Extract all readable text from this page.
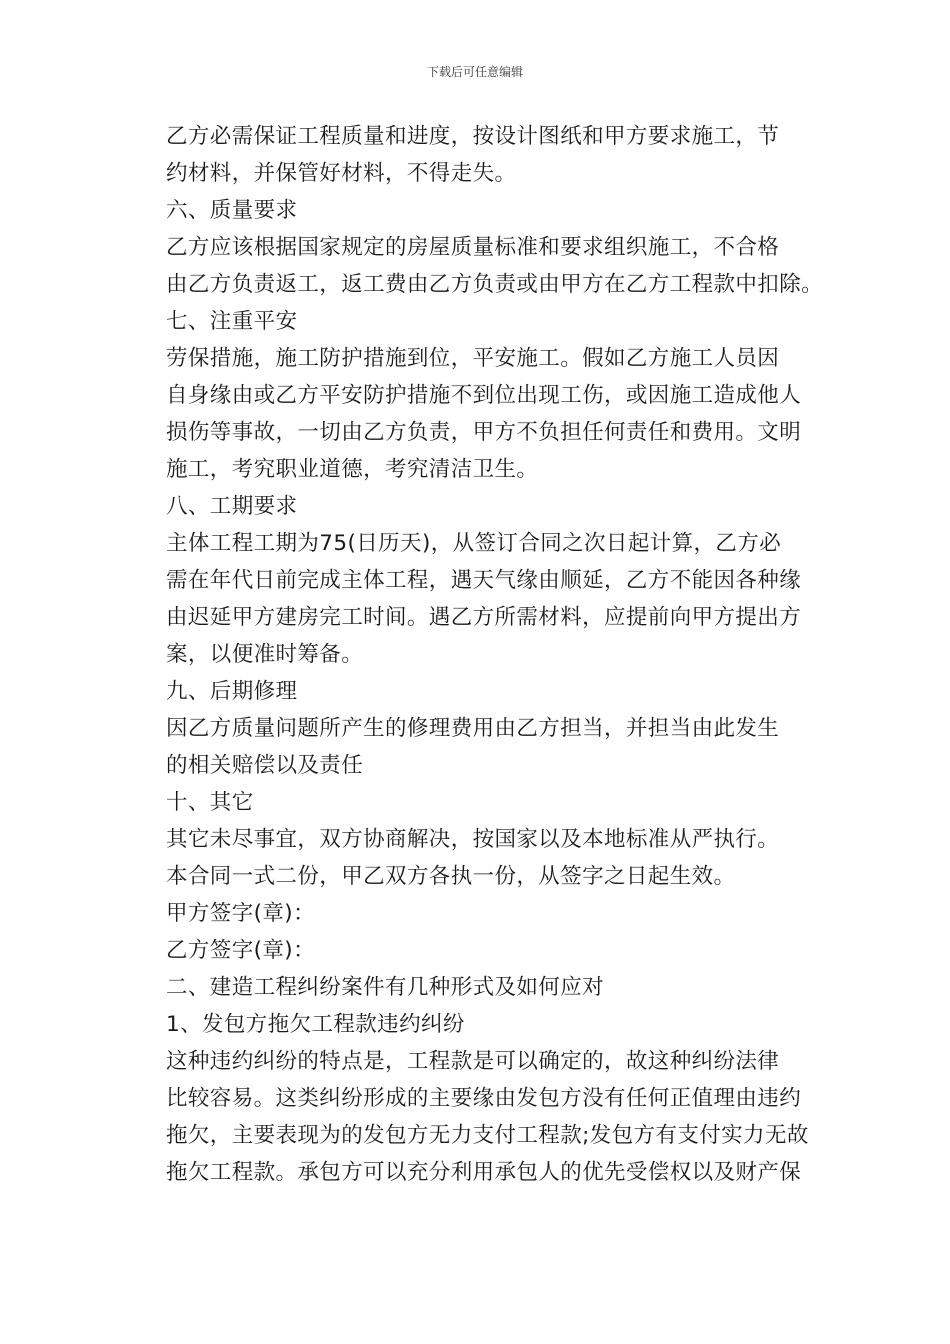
下载后可任意编辑

乙方必需保证工程质量和进度，按设计图纸和甲方要求施工，节

约材料，并保管好材料，不得走失。

六、质量要求

乙方应该根据国家规定的房屋质量标准和要求组织施工，不合格

由乙方负责返工，返工费由乙方负责或由甲方在乙方工程款中扣除。

七、注重平安

劳保措施，施工防护措施到位，平安施工。假如乙方施工人员因

自身缘由或乙方平安防护措施不到位出现工伤，或因施工造成他人

损伤等事故，一切由乙方负责，甲方不负担任何责任和费用。文明

施工，考究职业道德，考究清洁卫生。

八、工期要求

主体工程工期为75(日历天)，从签订合同之次日起计算，乙方必

需在年代日前完成主体工程，遇天气缘由顺延，乙方不能因各种缘

由迟延甲方建房完工时间。遇乙方所需材料，应提前向甲方提出方

案，以便准时筹备。

九、后期修理

因乙方质量问题所产生的修理费用由乙方担当，并担当由此发生

的相关赔偿以及责任

十、其它

其它未尽事宜，双方协商解决，按国家以及本地标准从严执行。

本合同一式二份，甲乙双方各执一份，从签字之日起生效。

甲方签字(章)：

乙方签字(章)：

二、建造工程纠纷案件有几种形式及如何应对

1、发包方拖欠工程款违约纠纷

这种违约纠纷的特点是，工程款是可以确定的，故这种纠纷法律

比较容易。这类纠纷形成的主要缘由发包方没有任何正值理由违约

拖欠，主要表现为的发包方无力支付工程款;发包方有支付实力无故

拖欠工程款。承包方可以充分利用承包人的优先受偿权以及财产保
